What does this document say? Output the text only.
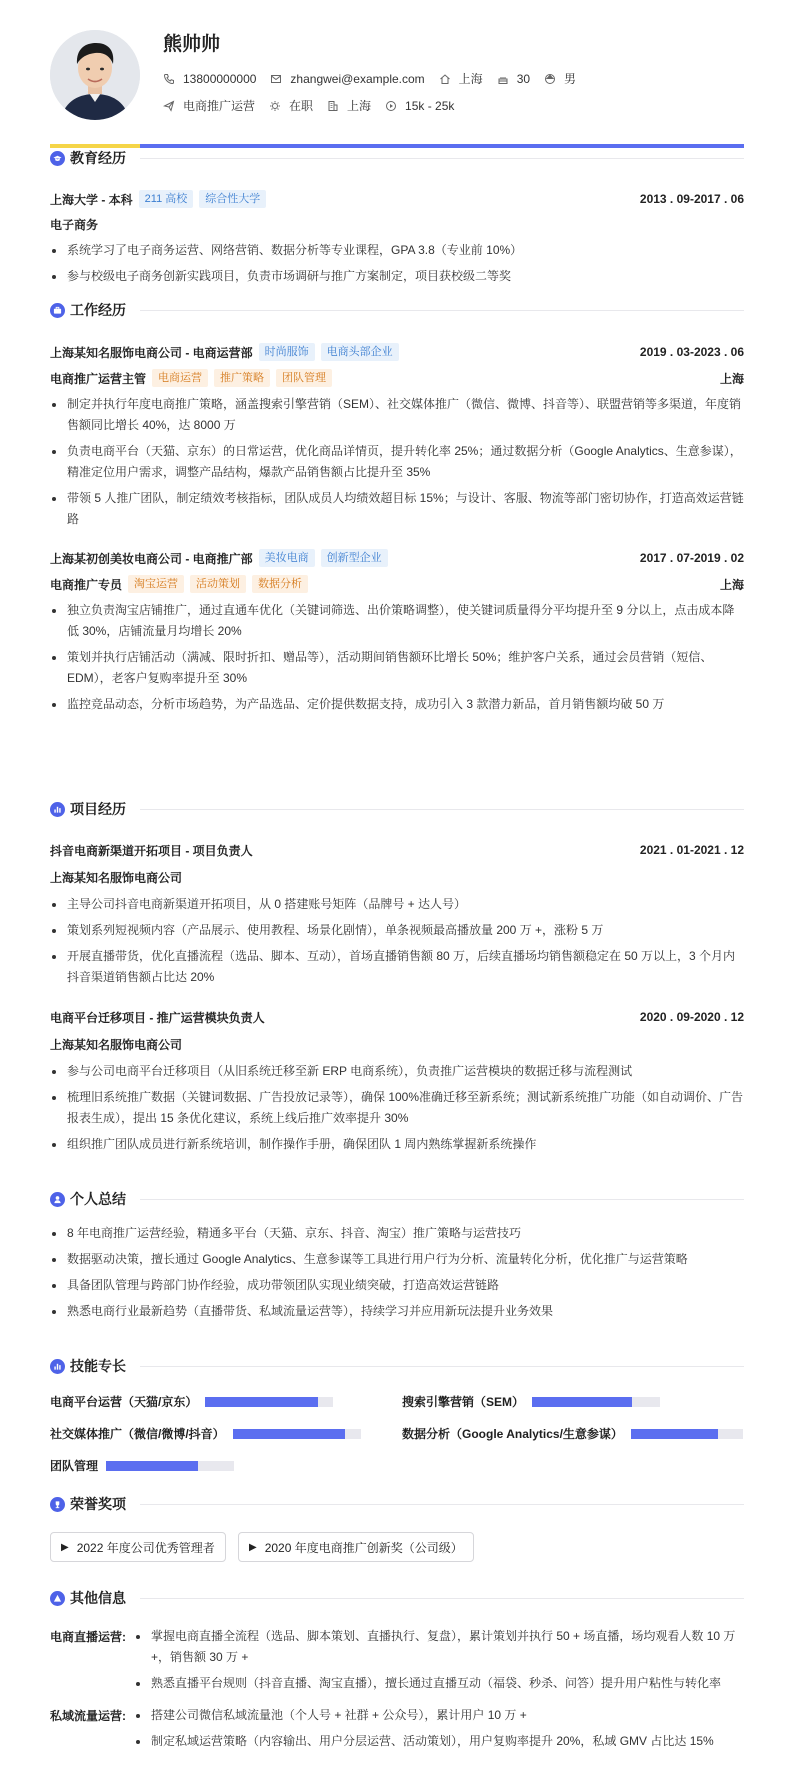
熊帅帅
13800000000	zhangwei@example.com	上海	30	男
电商推广运营	在职	上海	15k - 25k
教育经历
上海大学 - 本科	211 高校	综合性大学	2013 . 09-2017 . 06
电子商务
系统学习了电子商务运营、网络营销、数据分析等专业课程，GPA 3.8（专业前 10%）
参与校级电子商务创新实践项目，负责市场调研与推广方案制定，项目获校级二等奖
工作经历
上海某知名服饰电商公司 - 电商运营部	时尚服饰	电商头部企业	2019 . 03-2023 . 06
电商推广运营主管	电商运营	推广策略	团队管理	上海
制定并执行年度电商推广策略，涵盖搜索引擎营销（SEM）、社交媒体推广（微信、微博、抖音等）、联盟营销等多渠道，年度销售额同比增长 40%，达 8000 万
负责电商平台（天猫、京东）的日常运营，优化商品详情页，提升转化率 25%；通过数据分析（Google Analytics、生意参谋），精准定位用户需求，调整产品结构，爆款产品销售额占比提升至 35%
带领 5 人推广团队，制定绩效考核指标，团队成员人均绩效超目标 15%；与设计、客服、物流等部门密切协作，打造高效运营链路
上海某初创美妆电商公司 - 电商推广部	美妆电商	创新型企业	2017 . 07-2019 . 02
电商推广专员	淘宝运营	活动策划	数据分析	上海
独立负责淘宝店铺推广，通过直通车优化（关键词筛选、出价策略调整），使关键词质量得分平均提升至 9 分以上，点击成本降低 30%，店铺流量月均增长 20%
策划并执行店铺活动（满减、限时折扣、赠品等），活动期间销售额环比增长 50%；维护客户关系，通过会员营销（短信、EDM），老客户复购率提升至 30%
监控竞品动态，分析市场趋势，为产品选品、定价提供数据支持，成功引入 3 款潜力新品，首月销售额均破 50 万
项目经历
抖音电商新渠道开拓项目 - 项目负责人	2021 . 01-2021 . 12
上海某知名服饰电商公司
主导公司抖音电商新渠道开拓项目，从 0 搭建账号矩阵（品牌号 + 达人号）
策划系列短视频内容（产品展示、使用教程、场景化剧情），单条视频最高播放量 200 万 +，涨粉 5 万
开展直播带货，优化直播流程（选品、脚本、互动），首场直播销售额 80 万，后续直播场均销售额稳定在 50 万以上，3 个月内抖音渠道销售额占比达 20%
电商平台迁移项目 - 推广运营模块负责人	2020 . 09-2020 . 12
上海某知名服饰电商公司
参与公司电商平台迁移项目（从旧系统迁移至新 ERP 电商系统），负责推广运营模块的数据迁移与流程测试
梳理旧系统推广数据（关键词数据、广告投放记录等），确保 100%准确迁移至新系统；测试新系统推广功能（如自动调价、广告报表生成），提出 15 条优化建议，系统上线后推广效率提升 30%
组织推广团队成员进行新系统培训，制作操作手册，确保团队 1 周内熟练掌握新系统操作
个人总结
8 年电商推广运营经验，精通多平台（天猫、京东、抖音、淘宝）推广策略与运营技巧
数据驱动决策，擅长通过 Google Analytics、生意参谋等工具进行用户行为分析、流量转化分析，优化推广与运营策略
具备团队管理与跨部门协作经验，成功带领团队实现业绩突破，打造高效运营链路
熟悉电商行业最新趋势（直播带货、私域流量运营等），持续学习并应用新玩法提升业务效果
技能专长
电商平台运营（天猫/京东）	搜索引擎营销（SEM）
社交媒体推广（微信/微博/抖音）	数据分析（Google Analytics/生意参谋）
团队管理
荣誉奖项
▶ 2022 年度公司优秀管理者	▶ 2020 年度电商推广创新奖（公司级）
其他信息
电商直播运营:	掌握电商直播全流程（选品、脚本策划、直播执行、复盘），累计策划并执行 50 + 场直播，场均观看人数 10 万 +，销售额 30 万 +
熟悉直播平台规则（抖音直播、淘宝直播），擅长通过直播互动（福袋、秒杀、问答）提升用户粘性与转化率
私域流量运营:	搭建公司微信私域流量池（个人号 + 社群 + 公众号），累计用户 10 万 +
制定私域运营策略（内容输出、用户分层运营、活动策划），用户复购率提升 20%，私域 GMV 占比达 15%
